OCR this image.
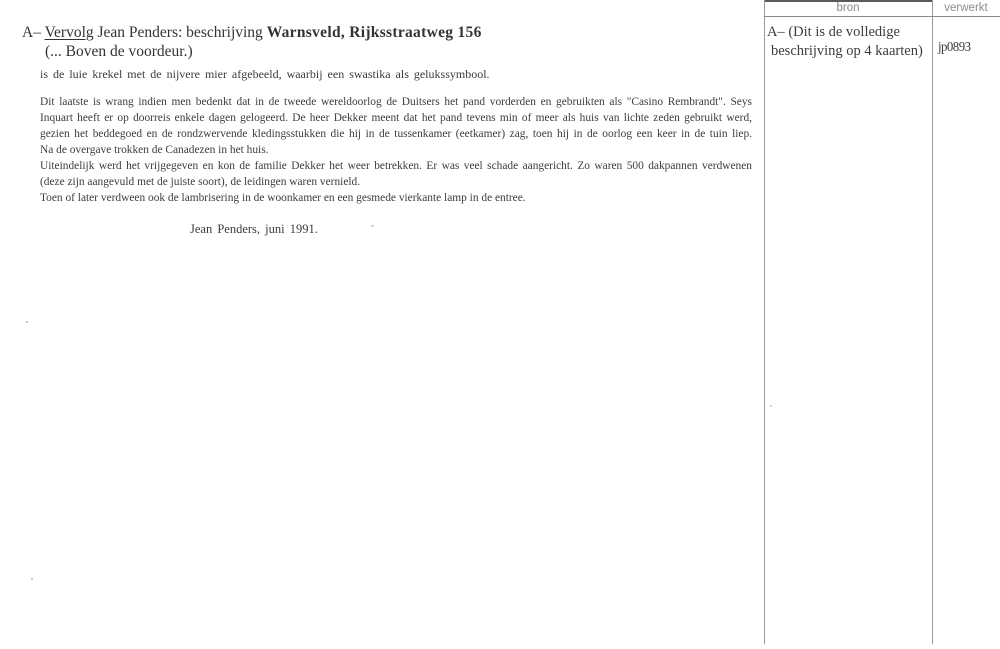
A– Vervolg Jean Penders: beschrijving Warnsveld, Rijksstraatweg 156
(... Boven de voordeur.)
is de luie krekel met de nijvere mier afgebeeld, waarbij een swastika als gelukssymbool.
Dit laatste is wrang indien men bedenkt dat in de tweede wereldoorlog de Duitsers het pand vorderden en gebruikten als "Casino Rembrandt". Seys
Inquart heeft er op doorreis enkele dagen gelogeerd. De heer Dekker meent dat het pand tevens min of meer als huis van lichte zeden gebruikt werd,
gezien het beddegoed en de rondzwervende kledingsstukken die hij in de tussenkamer (eetkamer) zag, toen hij in de oorlog een keer in de tuin liep.
Na de overgave trokken de Canadezen in het huis.
Uiteindelijk werd het vrijgegeven en kon de familie Dekker het weer betrekken. Er was veel schade aangericht. Zo waren 500 dakpannen verdwenen
(deze zijn aangevuld met de juiste soort), de leidingen waren vernield.
Toen of later verdween ook de lambrisering in de woonkamer en een gesmede vierkante lamp in de entree.
Jean Penders, juni 1991.
bron	verwerkt
A– (Dit is de volledige
beschrijving op 4 kaarten)	jp0893
